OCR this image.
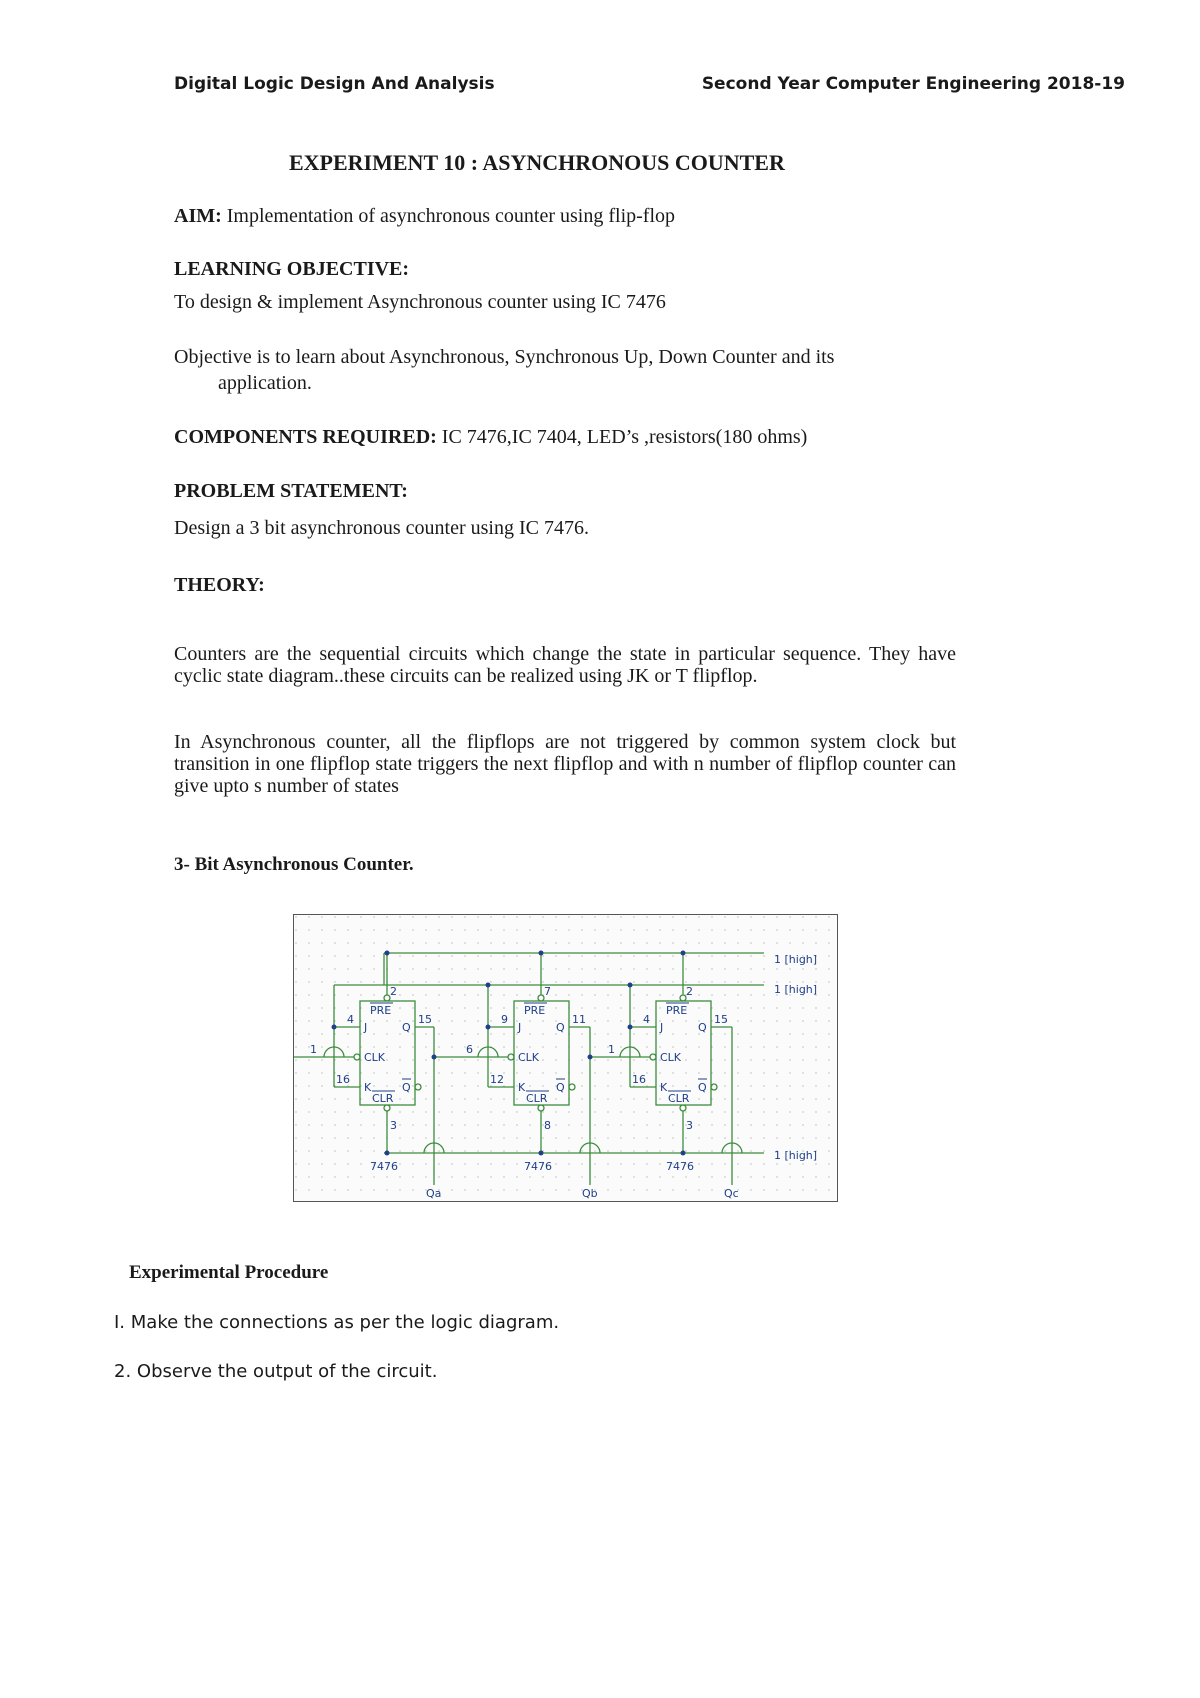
Digital Logic Design And Analysis	Second Year Computer Engineering 2018-19
EXPERIMENT 10 : ASYNCHRONOUS COUNTER
AIM: Implementation of asynchronous counter using flip-flop
LEARNING OBJECTIVE:
To design & implement Asynchronous counter using IC 7476
Objective is to learn about Asynchronous, Synchronous Up, Down Counter and its
application.
COMPONENTS REQUIRED: IC 7476,IC 7404, LED’s ,resistors(180 ohms)
PROBLEM STATEMENT:
Design a 3 bit asynchronous counter using IC 7476.
THEORY:
Counters are the sequential circuits which change the state in particular sequence. They have cyclic state diagram..these circuits can be realized using JK or T flipflop.
In Asynchronous counter, all the flipflops are not triggered by common system clock but transition in one flipflop state triggers the next flipflop and with n number of flipflop counter can give upto s number of states
3- Bit Asynchronous Counter.
1 [high]
1 [high]
1 [high]
PRE
J	Q
CLK
K	Q
CLR
2
4	15
1
16
3
7476
PRE
J	Q
CLK
K	Q
CLR
7
9	11
6
12
8
7476
PRE
J	Q
CLK
K	Q
CLR
2
4	15
1
16
3
7476
Qa	Qb	Qc
Experimental Procedure
I. Make the connections as per the logic diagram.
2. Observe the output of the circuit.
